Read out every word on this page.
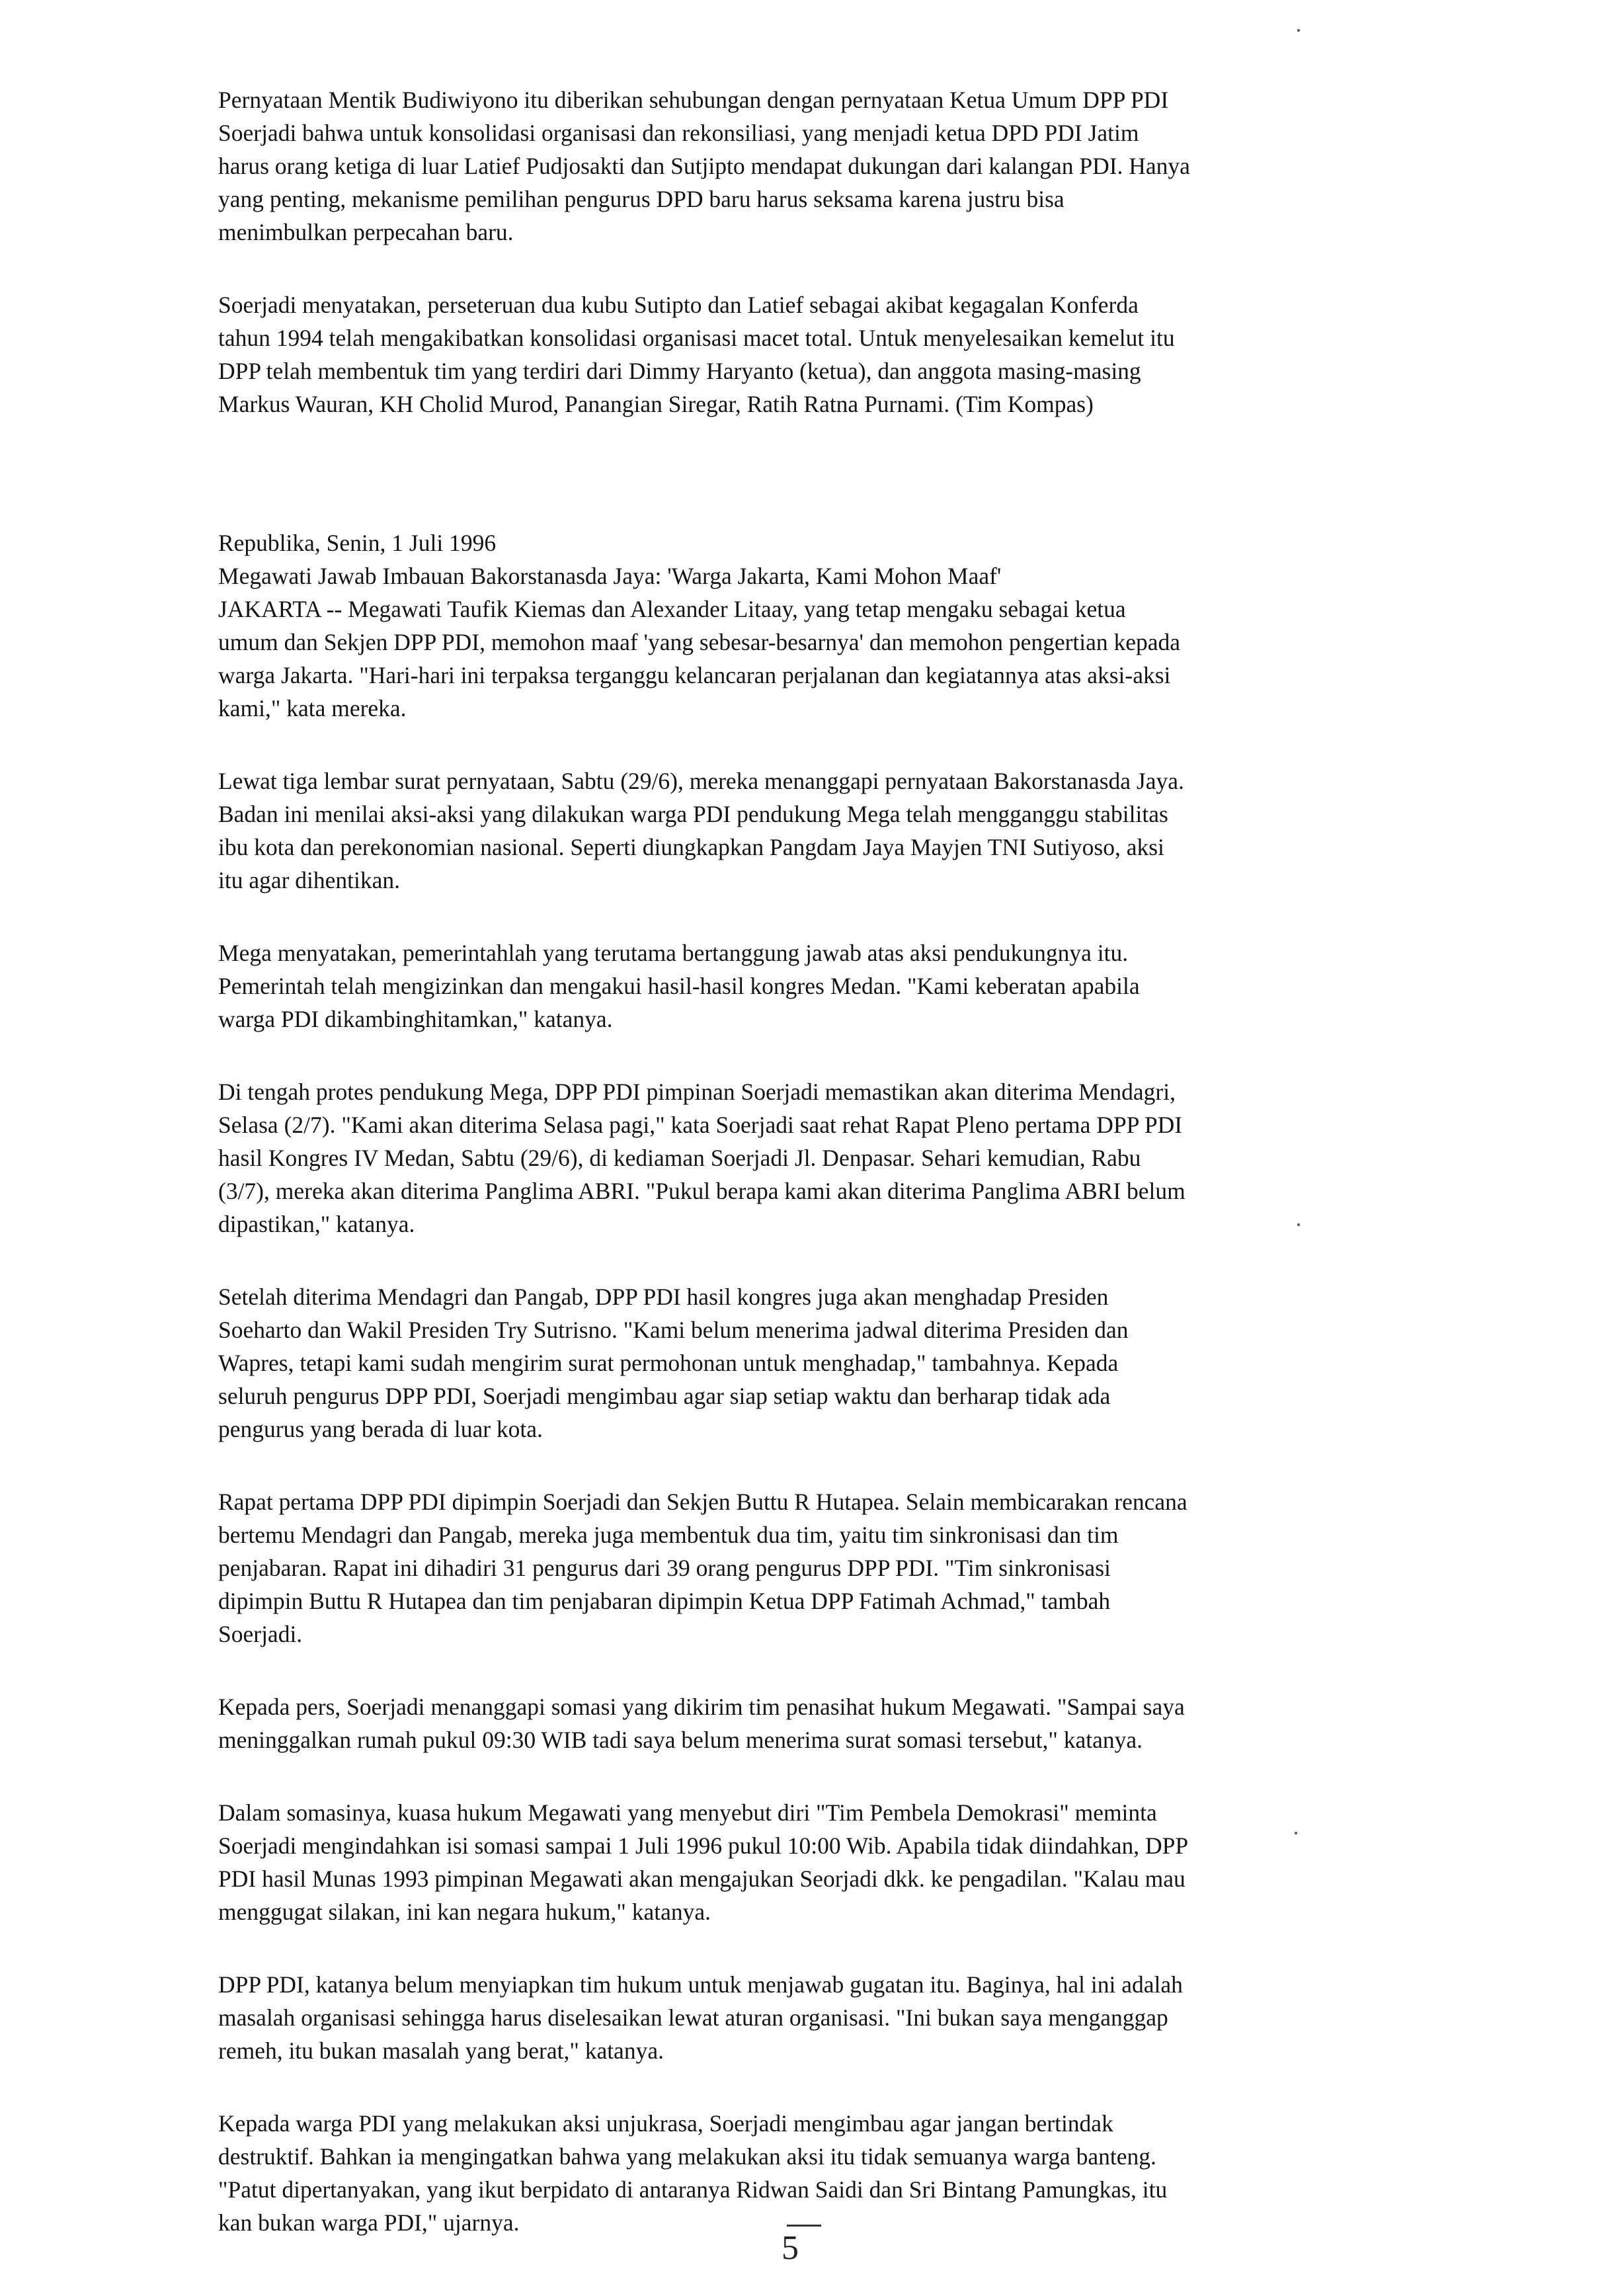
Pernyataan Mentik Budiwiyono itu diberikan sehubungan dengan pernyataan Ketua Umum DPP PDI
Soerjadi bahwa untuk konsolidasi organisasi dan rekonsiliasi, yang menjadi ketua DPD PDI Jatim
harus orang ketiga di luar Latief Pudjosakti dan Sutjipto mendapat dukungan dari kalangan PDI. Hanya
yang penting, mekanisme pemilihan pengurus DPD baru harus seksama karena justru bisa
menimbulkan perpecahan baru.

Soerjadi menyatakan, perseteruan dua kubu Sutipto dan Latief sebagai akibat kegagalan Konferda
tahun 1994 telah mengakibatkan konsolidasi organisasi macet total. Untuk menyelesaikan kemelut itu
DPP telah membentuk tim yang terdiri dari Dimmy Haryanto (ketua), dan anggota masing-masing
Markus Wauran, KH Cholid Murod, Panangian Siregar, Ratih Ratna Purnami. (Tim Kompas)

Republika, Senin, 1 Juli 1996
Megawati Jawab Imbauan Bakorstanasda Jaya: 'Warga Jakarta, Kami Mohon Maaf'
JAKARTA -- Megawati Taufik Kiemas dan Alexander Litaay, yang tetap mengaku sebagai ketua
umum dan Sekjen DPP PDI, memohon maaf 'yang sebesar-besarnya' dan memohon pengertian kepada
warga Jakarta. "Hari-hari ini terpaksa terganggu kelancaran perjalanan dan kegiatannya atas aksi-aksi
kami," kata mereka.

Lewat tiga lembar surat pernyataan, Sabtu (29/6), mereka menanggapi pernyataan Bakorstanasda Jaya.
Badan ini menilai aksi-aksi yang dilakukan warga PDI pendukung Mega telah mengganggu stabilitas
ibu kota dan perekonomian nasional. Seperti diungkapkan Pangdam Jaya Mayjen TNI Sutiyoso, aksi
itu agar dihentikan.

Mega menyatakan, pemerintahlah yang terutama bertanggung jawab atas aksi pendukungnya itu.
Pemerintah telah mengizinkan dan mengakui hasil-hasil kongres Medan. "Kami keberatan apabila
warga PDI dikambinghitamkan," katanya.

Di tengah protes pendukung Mega, DPP PDI pimpinan Soerjadi memastikan akan diterima Mendagri,
Selasa (2/7). "Kami akan diterima Selasa pagi," kata Soerjadi saat rehat Rapat Pleno pertama DPP PDI
hasil Kongres IV Medan, Sabtu (29/6), di kediaman Soerjadi Jl. Denpasar. Sehari kemudian, Rabu
(3/7), mereka akan diterima Panglima ABRI. "Pukul berapa kami akan diterima Panglima ABRI belum
dipastikan," katanya.

Setelah diterima Mendagri dan Pangab, DPP PDI hasil kongres juga akan menghadap Presiden
Soeharto dan Wakil Presiden Try Sutrisno. "Kami belum menerima jadwal diterima Presiden dan
Wapres, tetapi kami sudah mengirim surat permohonan untuk menghadap," tambahnya. Kepada
seluruh pengurus DPP PDI, Soerjadi mengimbau agar siap setiap waktu dan berharap tidak ada
pengurus yang berada di luar kota.

Rapat pertama DPP PDI dipimpin Soerjadi dan Sekjen Buttu R Hutapea. Selain membicarakan rencana
bertemu Mendagri dan Pangab, mereka juga membentuk dua tim, yaitu tim sinkronisasi dan tim
penjabaran. Rapat ini dihadiri 31 pengurus dari 39 orang pengurus DPP PDI. "Tim sinkronisasi
dipimpin Buttu R Hutapea dan tim penjabaran dipimpin Ketua DPP Fatimah Achmad," tambah
Soerjadi.

Kepada pers, Soerjadi menanggapi somasi yang dikirim tim penasihat hukum Megawati. "Sampai saya
meninggalkan rumah pukul 09:30 WIB tadi saya belum menerima surat somasi tersebut," katanya.

Dalam somasinya, kuasa hukum Megawati yang menyebut diri "Tim Pembela Demokrasi" meminta
Soerjadi mengindahkan isi somasi sampai 1 Juli 1996 pukul 10:00 Wib. Apabila tidak diindahkan, DPP
PDI hasil Munas 1993 pimpinan Megawati akan mengajukan Seorjadi dkk. ke pengadilan. "Kalau mau
menggugat silakan, ini kan negara hukum," katanya.

DPP PDI, katanya belum menyiapkan tim hukum untuk menjawab gugatan itu. Baginya, hal ini adalah
masalah organisasi sehingga harus diselesaikan lewat aturan organisasi. "Ini bukan saya menganggap
remeh, itu bukan masalah yang berat," katanya.

Kepada warga PDI yang melakukan aksi unjukrasa, Soerjadi mengimbau agar jangan bertindak
destruktif. Bahkan ia mengingatkan bahwa yang melakukan aksi itu tidak semuanya warga banteng.
"Patut dipertanyakan, yang ikut berpidato di antaranya Ridwan Saidi dan Sri Bintang Pamungkas, itu
kan bukan warga PDI," ujarnya.

5
